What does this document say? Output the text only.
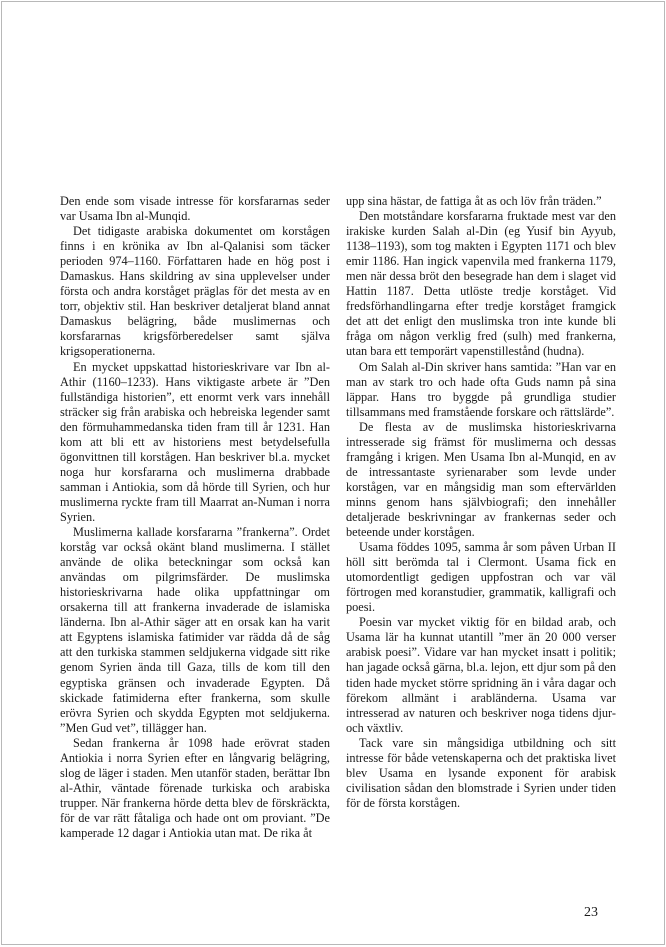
Den ende som visade intresse för korsfararnas seder var Usama Ibn al-Munqid.

Det tidigaste arabiska dokumentet om korstågen finns i en krönika av Ibn al-Qalanisi som täcker perioden 974–1160. Författaren hade en hög post i Damaskus. Hans skildring av sina upplevelser under första och andra korståget präglas för det mesta av en torr, objektiv stil. Han beskriver detaljerat bland annat Damaskus belägring, både muslimernas och korsfararnas krigsförberedelser samt själva krigsoperationerna.

En mycket uppskattad historieskrivare var Ibn al-Athir (1160–1233). Hans viktigaste arbete är ”Den fullständiga historien”, ett enormt verk vars innehåll sträcker sig från arabiska och hebreiska legender samt den förmuhammedanska tiden fram till år 1231. Han kom att bli ett av historiens mest betydelsefulla ögonvittnen till korstågen. Han beskriver bl.a. mycket noga hur korsfararna och muslimerna drabbade samman i Antiokia, som då hörde till Syrien, och hur muslimerna ryckte fram till Maarrat an-Numan i norra Syrien.

Muslimerna kallade korsfararna ”frankerna”. Ordet korståg var också okänt bland muslimerna. I stället använde de olika beteckningar som också kan användas om pilgrimsfärder. De muslimska historieskrivarna hade olika uppfattningar om orsakerna till att frankerna invaderade de islamiska länderna. Ibn al-Athir säger att en orsak kan ha varit att Egyptens islamiska fatimider var rädda då de såg att den turkiska stammen seldjukerna vidgade sitt rike genom Syrien ända till Gaza, tills de kom till den egyptiska gränsen och invaderade Egypten. Då skickade fatimiderna efter frankerna, som skulle erövra Syrien och skydda Egypten mot seldjukerna. ”Men Gud vet”, tillägger han.

Sedan frankerna år 1098 hade erövrat staden Antiokia i norra Syrien efter en långvarig belägring, slog de läger i staden. Men utanför staden, berättar Ibn al-Athir, väntade förenade turkiska och arabiska trupper. När frankerna hörde detta blev de förskräckta, för de var rätt fåtaliga och hade ont om proviant. ”De kamperade 12 dagar i Antiokia utan mat. De rika åt

upp sina hästar, de fattiga åt as och löv från träden.”

Den motståndare korsfararna fruktade mest var den irakiske kurden Salah al-Din (eg Yusif bin Ayyub, 1138–1193), som tog makten i Egypten 1171 och blev emir 1186. Han ingick vapenvila med frankerna 1179, men när dessa bröt den besegrade han dem i slaget vid Hattin 1187. Detta utlöste tredje korståget. Vid fredsförhandlingarna efter tredje korståget framgick det att det enligt den muslimska tron inte kunde bli fråga om någon verklig fred (sulh) med frankerna, utan bara ett temporärt vapenstillestånd (hudna).

Om Salah al-Din skriver hans samtida: ”Han var en man av stark tro och hade ofta Guds namn på sina läppar. Hans tro byggde på grundliga studier tillsammans med framstående forskare och rättslärde”.

De flesta av de muslimska historieskrivarna intresserade sig främst för muslimerna och dessas framgång i krigen. Men Usama Ibn al-Munqid, en av de intressantaste syrienaraber som levde under korstågen, var en mångsidig man som eftervärlden minns genom hans självbiografi; den innehåller detaljerade beskrivningar av frankernas seder och beteende under korstågen.

Usama föddes 1095, samma år som påven Urban II höll sitt berömda tal i Clermont. Usama fick en utomordentligt gedigen uppfostran och var väl förtrogen med koranstudier, grammatik, kalligrafi och poesi.

Poesin var mycket viktig för en bildad arab, och Usama lär ha kunnat utantill ”mer än 20 000 verser arabisk poesi”. Vidare var han mycket insatt i politik; han jagade också gärna, bl.a. lejon, ett djur som på den tiden hade mycket större spridning än i våra dagar och förekom allmänt i arabländerna. Usama var intresserad av naturen och beskriver noga tidens djur- och växtliv.

Tack vare sin mångsidiga utbildning och sitt intresse för både vetenskaperna och det praktiska livet blev Usama en lysande exponent för arabisk civilisation sådan den blomstrade i Syrien under tiden för de första korstågen.

23
